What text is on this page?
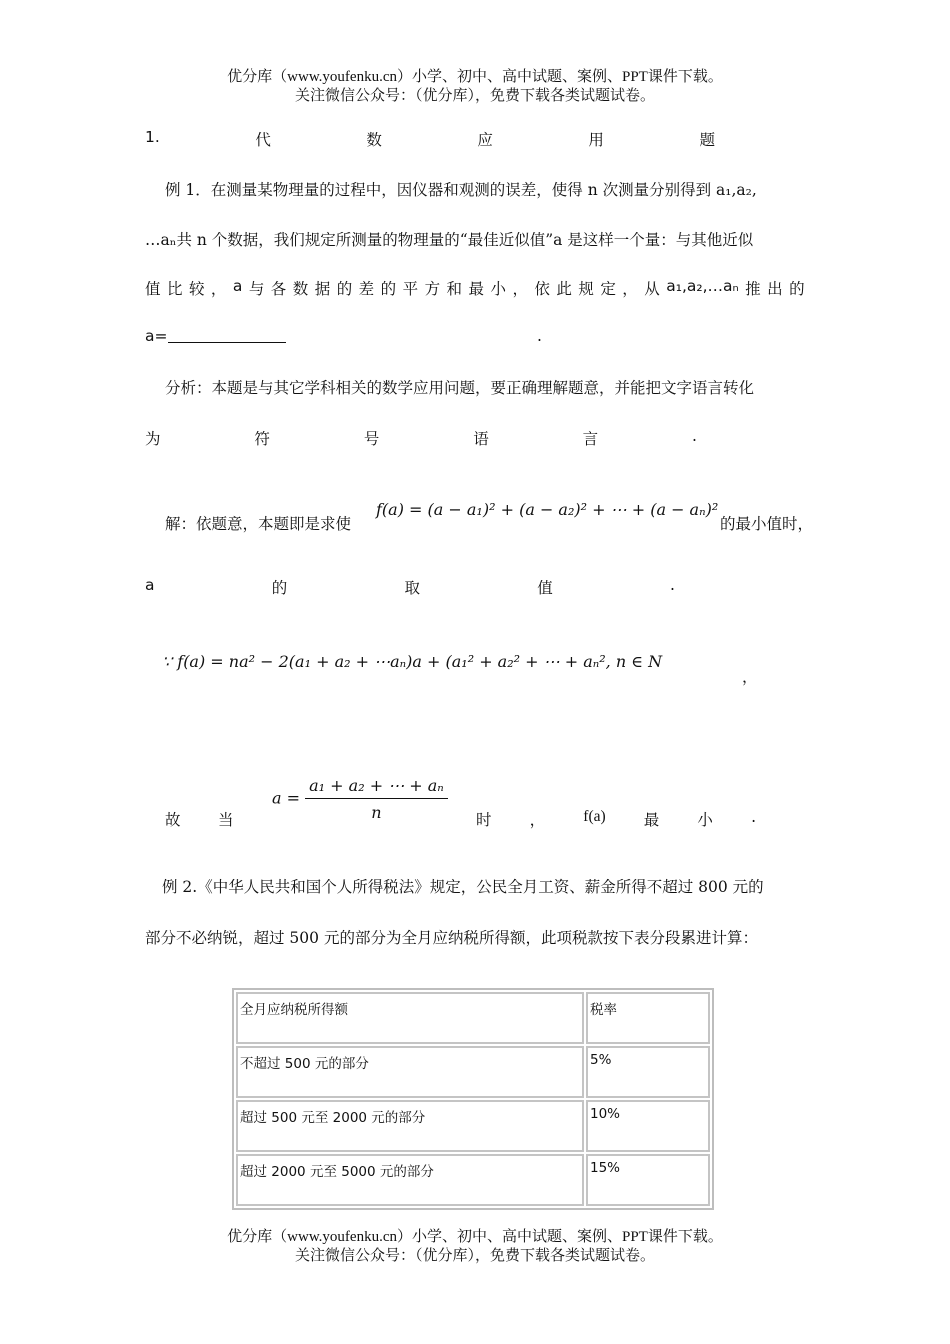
优分库（www.youfenku.cn）小学、初中、高中试题、案例、PPT课件下载。
关注微信公众号：（优分库），免费下载各类试题试卷。
1.	代	数	应	用	题
例 1．在测量某物理量的过程中，因仪器和观测的误差，使得 n 次测量分别得到 a₁,a₂,
…aₙ共 n 个数据，我们规定所测量的物理量的“最佳近似值”a 是这样一个量：与其他近似
值 比 较 ， a 与 各 数 据 的 差 的 平 方 和 最 小 ， 依 此 规 定 ， 从 a₁,a₂,…aₙ 推 出 的
a=	.
分析：本题是与其它学科相关的数学应用问题，要正确理解题意，并能把文字语言转化
为	符	号	语	言	.
解：依题意，本题即是求使
f(a) = (a − a₁)² + (a − a₂)² + ⋯ + (a − aₙ)²
的最小值时，
a	的	取	值	.
∵ f(a) = na² − 2(a₁ + a₂ + ⋯aₙ)a + (a₁² + a₂² + ⋯ + aₙ², n ∈ N
，
故 当
$a = \frac{\text{a₁ + a₂ + ⋯ + aₙ}}{n}$ 时 ， f(a) 最 小 .
例 2.《中华人民共和国个人所得税法》规定，公民全月工资、薪金所得不超过 800 元的
部分不必纳锐，超过 500 元的部分为全月应纳税所得额，此项税款按下表分段累进计算：
全月应纳税所得额	税率
不超过 500 元的部分	5%
超过 500 元至 2000 元的部分	10%
超过 2000 元至 5000 元的部分	15%
优分库（www.youfenku.cn）小学、初中、高中试题、案例、PPT课件下载。
关注微信公众号：（优分库），免费下载各类试题试卷。
